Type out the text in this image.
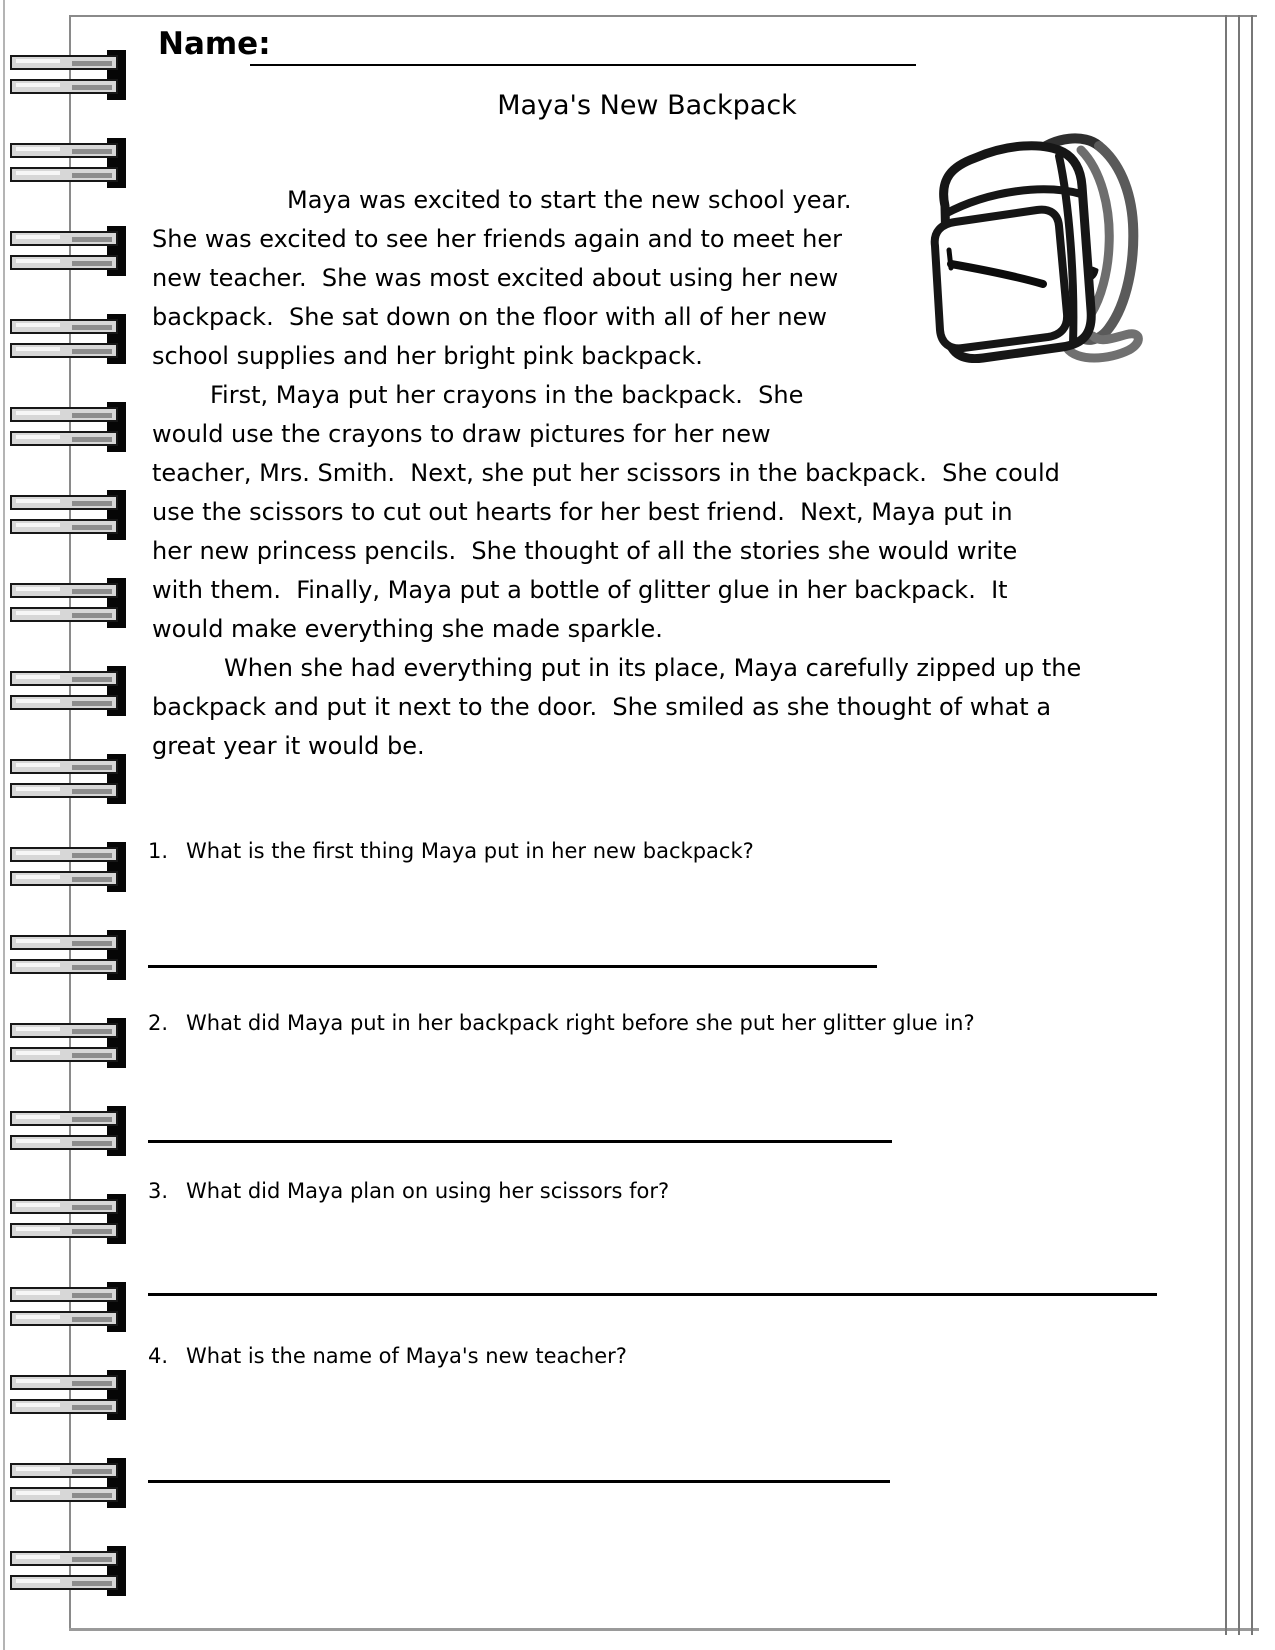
Name:
Maya's New Backpack
Maya was excited to start the new school year.
She was excited to see her friends again and to meet her
new teacher.  She was most excited about using her new
backpack.  She sat down on the floor with all of her new
school supplies and her bright pink backpack.
First, Maya put her crayons in the backpack.  She
would use the crayons to draw pictures for her new
teacher, Mrs. Smith.  Next, she put her scissors in the backpack.  She could
use the scissors to cut out hearts for her best friend.  Next, Maya put in
her new princess pencils.  She thought of all the stories she would write
with them.  Finally, Maya put a bottle of glitter glue in her backpack.  It
would make everything she made sparkle.
When she had everything put in its place, Maya carefully zipped up the
backpack and put it next to the door.  She smiled as she thought of what a
great year it would be.
1. What is the first thing Maya put in her new backpack?
2. What did Maya put in her backpack right before she put her glitter glue in?
3. What did Maya plan on using her scissors for?
4. What is the name of Maya's new teacher?
